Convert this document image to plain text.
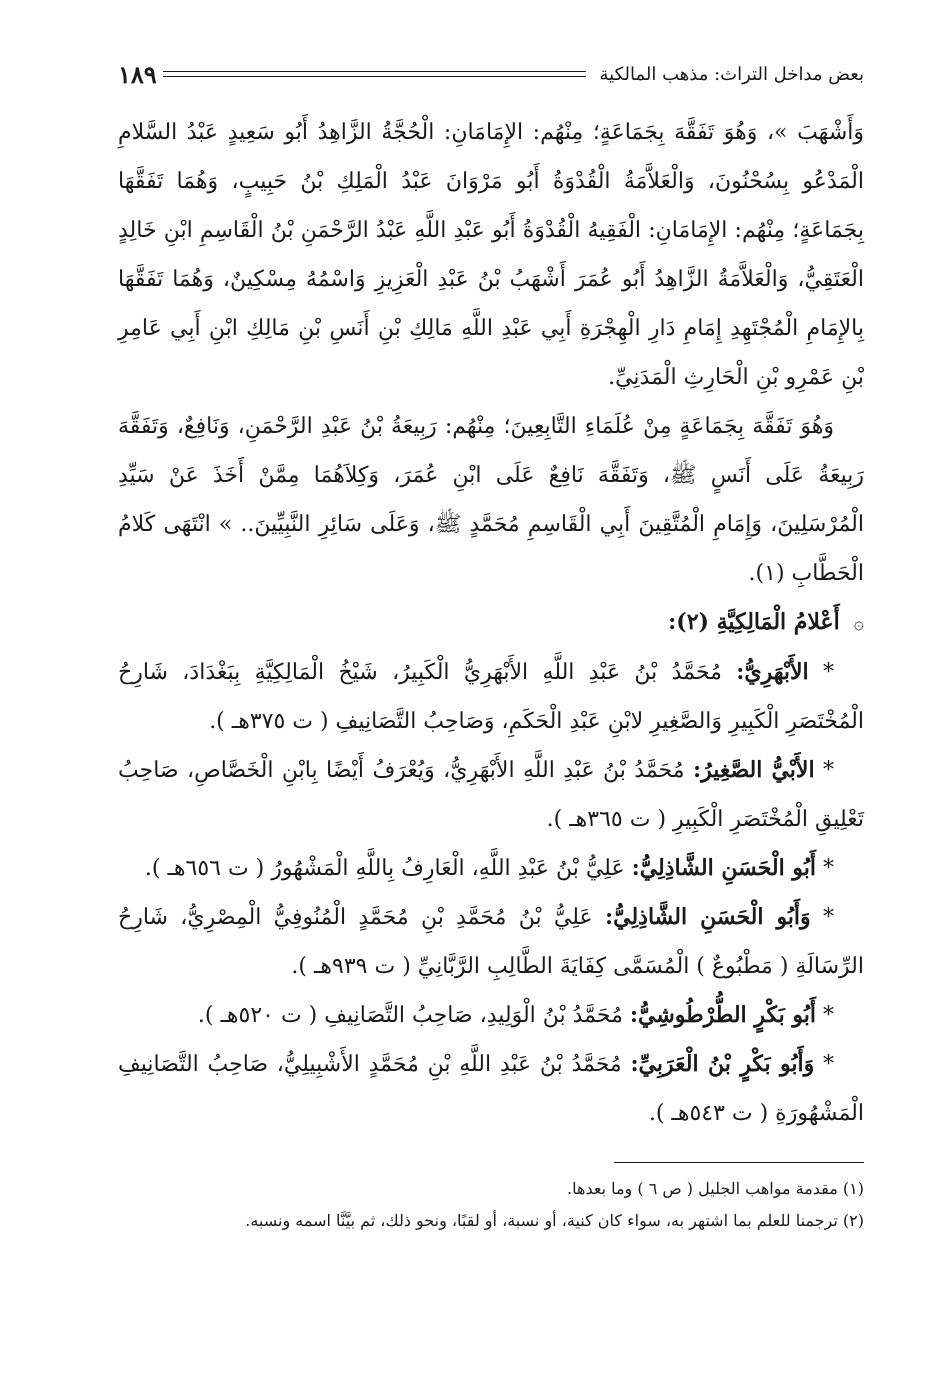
بعض مداخل التراث: مذهب المالكية
١٨٩

وَأَشْهَبَ »، وَهُوَ تَفَقَّهَ بِجَمَاعَةٍ؛ مِنْهُم: الإِمَامَانِ: الْحُجَّةُ الزَّاهِدُ أَبُو سَعِيدٍ عَبْدُ السَّلامِ الْمَدْعُو بِسُحْنُونَ، وَالْعَلاَّمَةُ الْقُدْوَةُ أَبُو مَرْوَانَ عَبْدُ الْمَلِكِ بْنُ حَبِيبٍ، وَهُمَا تَفَقَّهَا بِجَمَاعَةٍ؛ مِنْهُم: الإِمَامَانِ: الْفَقِيهُ الْقُدْوَةُ أَبُو عَبْدِ اللَّهِ عَبْدُ الرَّحْمَنِ بْنُ الْقَاسِمِ ابْنِ خَالِدٍ الْعَتَقِيُّ، وَالْعَلاَّمَةُ الزَّاهِدُ أَبُو عُمَرَ أَشْهَبُ بْنُ عَبْدِ الْعَزِيزِ وَاسْمُهُ مِسْكِينٌ، وَهُمَا تَفَقَّهَا بِالإِمَامِ الْمُجْتَهِدِ إِمَامِ دَارِ الْهِجْرَةِ أَبِي عَبْدِ اللَّهِ مَالِكِ بْنِ أَنَسِ بْنِ مَالِكِ ابْنِ أَبِي عَامِرِ بْنِ عَمْرِو بْنِ الْحَارِثِ الْمَدَنِيِّ.

وَهُوَ تَفَقَّهَ بِجَمَاعَةٍ مِنْ عُلَمَاءِ التَّابِعِينَ؛ مِنْهُم: رَبِيعَةُ بْنُ عَبْدِ الرَّحْمَنِ، وَنَافِعٌ، وَتَفَقَّهَ رَبِيعَةُ عَلَى أَنَسٍ ﷺ، وَتَفَقَّهَ نَافِعٌ عَلَى ابْنِ عُمَرَ، وَكِلاَهُمَا مِمَّنْ أَخَذَ عَنْ سَيِّدِ الْمُرْسَلِينَ، وَإِمَامِ الْمُتَّقِينَ أَبِي الْقَاسِمِ مُحَمَّدٍ ﷺ، وَعَلَى سَائِرِ النَّبِيِّينَ.. » انْتَهَى كَلامُ الْحَطَّابِ (١).

۞ أَعْلامُ الْمَالِكِيَّةِ (٢):

* الأَبْهَرِيُّ: مُحَمَّدُ بْنُ عَبْدِ اللَّهِ الأَبْهَرِيُّ الْكَبِيرُ، شَيْخُ الْمَالِكِيَّةِ بِبَغْدَادَ، شَارِحُ الْمُخْتَصَرِ الْكَبِيرِ وَالصَّغِيرِ لابْنِ عَبْدِ الْحَكَمِ، وَصَاحِبُ التَّصَانِيفِ ( ت ٣٧٥هـ ).

* الأَبْيُّ الصَّغِيرُ: مُحَمَّدُ بْنُ عَبْدِ اللَّهِ الأَبْهَرِيُّ، وَيُعْرَفُ أَيْضًا بِابْنِ الْخَصَّاصِ، صَاحِبُ تَعْلِيقِ الْمُخْتَصَرِ الْكَبِيرِ ( ت ٣٦٥هـ ).

* أَبُو الْحَسَنِ الشَّاذِلِيُّ: عَلِيُّ بْنُ عَبْدِ اللَّهِ، الْعَارِفُ بِاللَّهِ الْمَشْهُورُ ( ت ٦٥٦هـ ).

* وَأَبُو الْحَسَنِ الشَّاذِلِيُّ: عَلِيُّ بْنُ مُحَمَّدِ بْنِ مُحَمَّدٍ الْمُنُوفِيُّ الْمِصْرِيُّ، شَارِحُ الرِّسَالَةِ ( مَطْبُوعٌ ) الْمُسَمَّى كِفَايَةَ الطَّالِبِ الرَّبَّانِيِّ ( ت ٩٣٩هـ ).

* أَبُو بَكْرٍ الطُّرْطُوشِيُّ: مُحَمَّدُ بْنُ الْوَلِيدِ، صَاحِبُ التَّصَانِيفِ ( ت ٥٢٠هـ ).

* وَأَبُو بَكْرٍ بْنُ الْعَرَبِيِّ: مُحَمَّدُ بْنُ عَبْدِ اللَّهِ بْنِ مُحَمَّدٍ الأَشْبِيلِيُّ، صَاحِبُ التَّصَانِيفِ الْمَشْهُورَةِ ( ت ٥٤٣هـ ).

(١) مقدمة مواهب الجليل ( ص ٦ ) وما بعدها.

(٢) ترجمنا للعلم بما اشتهر به، سواء كان كنية، أو نسبة، أو لقبًا، ونحو ذلك، ثم بيَّنَّا اسمه ونسبه.
